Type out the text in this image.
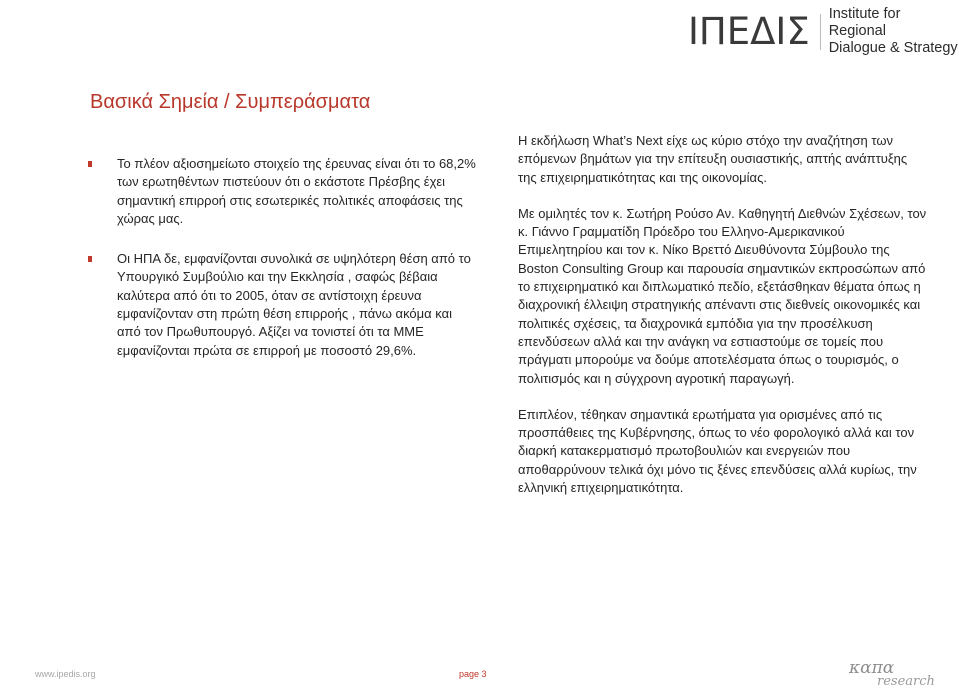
ΙΠΕΔΙΣ Institute for Regional
Dialogue & Strategy
Βασικά Σημεία / Συμπεράσματα
Το πλέον αξιοσημείωτο στοιχείο της έρευνας είναι ότι το 68,2% των ερωτηθέντων πιστεύουν ότι ο εκάστοτε Πρέσβης έχει σημαντική επιρροή στις εσωτερικές πολιτικές αποφάσεις της χώρας μας.
Οι ΗΠΑ δε, εμφανίζονται συνολικά σε υψηλότερη θέση από το Υπουργικό Συμβούλιο και την Εκκλησία , σαφώς βέβαια καλύτερα από ότι το 2005, όταν σε αντίστοιχη έρευνα εμφανίζονταν στη πρώτη θέση επιρροής , πάνω ακόμα και από τον Πρωθυπουργό. Αξίζει να τονιστεί ότι τα ΜΜΕ εμφανίζονται πρώτα σε επιρροή με ποσοστό 29,6%.

Η εκδήλωση What’s Next είχε ως κύριο στόχο την αναζήτηση των επόμενων βημάτων για την επίτευξη ουσιαστικής, απτής ανάπτυξης της επιχειρηματικότητας και της οικονομίας.

Με ομιλητές τον κ. Σωτήρη Ρούσο Αν. Καθηγητή Διεθνών Σχέσεων, τον κ. Γιάννο Γραμματίδη Πρόεδρο του Ελληνο-Αμερικανικού Επιμελητηρίου και τον κ. Νίκο Βρεττό Διευθύνοντα Σύμβουλο της Boston Consulting Group και παρουσία σημαντικών εκπροσώπων από το επιχειρηματικό και διπλωματικό πεδίο, εξετάσθηκαν θέματα όπως η διαχρονική έλλειψη στρατηγικής απέναντι στις διεθνείς οικονομικές και πολιτικές σχέσεις, τα διαχρονικά εμπόδια για την προσέλκυση επενδύσεων αλλά και την ανάγκη να εστιαστούμε σε τομείς που πράγματι μπορούμε να δούμε αποτελέσματα όπως ο τουρισμός, ο πολιτισμός και η σύγχρονη αγροτική παραγωγή.

Επιπλέον, τέθηκαν σημαντικά ερωτήματα για ορισμένες από τις προσπάθειες της Κυβέρνησης, όπως το νέο φορολογικό αλλά και τον διαρκή κατακερματισμό πρωτοβουλιών και ενεργειών που αποθαρρύνουν τελικά όχι μόνο τις ξένες επενδύσεις αλλά κυρίως, την ελληνική επιχειρηματικότητα.

www.ipedis.org	page 3	καπα
research
